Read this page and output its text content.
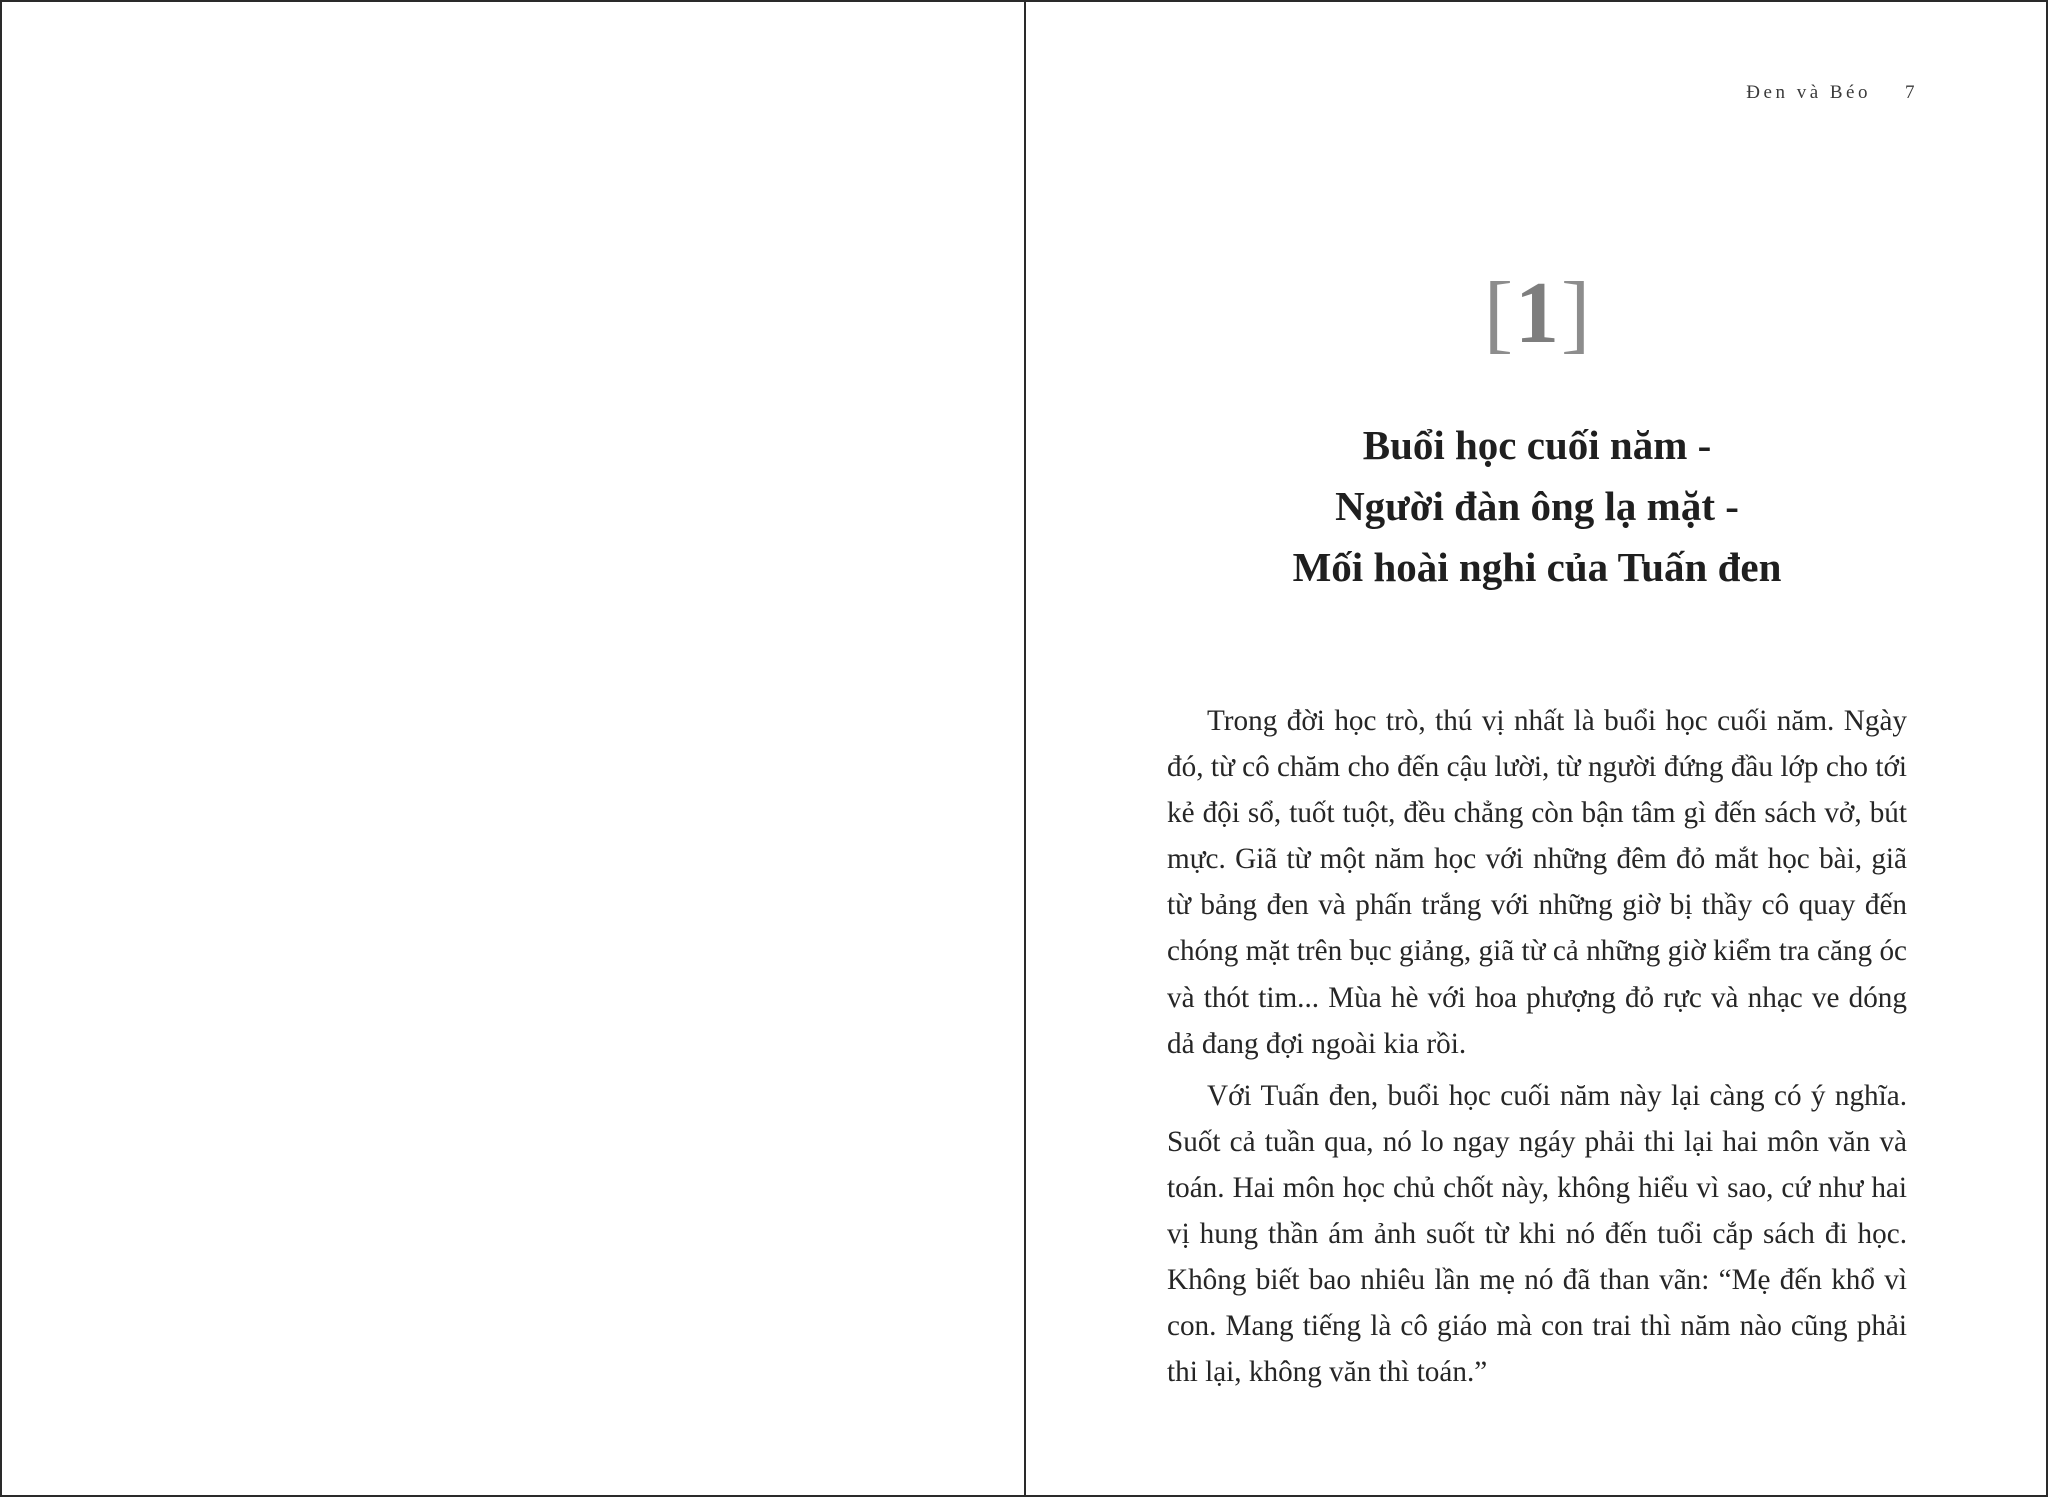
Đen và Béo 7
[1]
Buổi học cuối năm -
Người đàn ông lạ mặt -
Mối hoài nghi của Tuấn đen

Trong đời học trò, thú vị nhất là buổi học cuối năm. Ngày đó, từ cô chăm cho đến cậu lười, từ người đứng đầu lớp cho tới kẻ đội sổ, tuốt tuột, đều chẳng còn bận tâm gì đến sách vở, bút mực. Giã từ một năm học với những đêm đỏ mắt học bài, giã từ bảng đen và phấn trắng với những giờ bị thầy cô quay đến chóng mặt trên bục giảng, giã từ cả những giờ kiểm tra căng óc và thót tim... Mùa hè với hoa phượng đỏ rực và nhạc ve dóng dả đang đợi ngoài kia rồi.

Với Tuấn đen, buổi học cuối năm này lại càng có ý nghĩa. Suốt cả tuần qua, nó lo ngay ngáy phải thi lại hai môn văn và toán. Hai môn học chủ chốt này, không hiểu vì sao, cứ như hai vị hung thần ám ảnh suốt từ khi nó đến tuổi cắp sách đi học. Không biết bao nhiêu lần mẹ nó đã than vãn: “Mẹ đến khổ vì con. Mang tiếng là cô giáo mà con trai thì năm nào cũng phải thi lại, không văn thì toán.”
